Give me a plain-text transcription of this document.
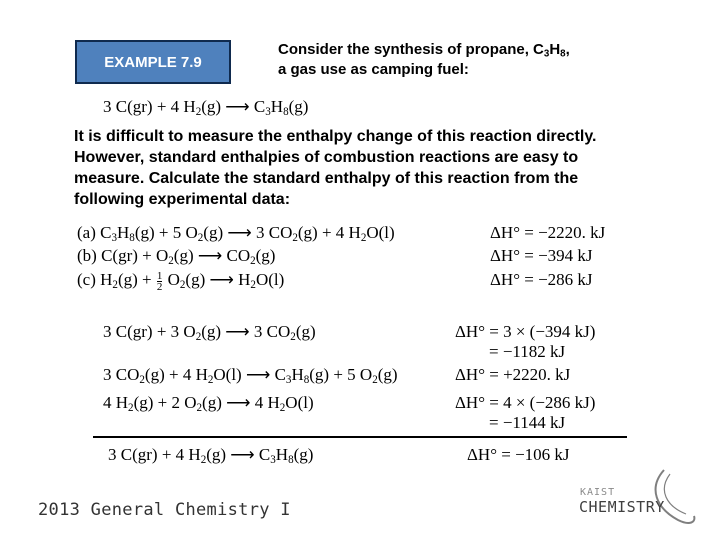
EXAMPLE 7.9
Consider the synthesis of propane, $C_3H_8$,
a gas use as camping fuel:
3 C(gr) + 4 $H_2(g)$ ⟶ $C_3H_8(g)$
It is difficult to measure the enthalpy change of this reaction directly.
However, standard enthalpies of combustion reactions are easy to
measure. Calculate the standard enthalpy of this reaction from the
following experimental data:
(a) $C_3H_8(g) + 5$ $O_2(g)$ ⟶ 3 $CO_2(g) + 4$ $H_2O(l)$	ΔH° = −2220. kJ
(b) $C(gr) + O_2(g)$ ⟶ $CO_2(g)$	ΔH° = −394 kJ
(c) $H_2(g) + \frac{1}{2} O_2(g)$ ⟶ $H_2O(l)$	ΔH° = −286 kJ
3 C(gr) + 3 $O_2(g)$ ⟶ 3 $CO_2(g)$	ΔH° = 3 × (−394 kJ)
= −1182 kJ
3 $CO_2(g) + 4$ $H_2O(l)$ ⟶ $C_3H_8(g) + 5$ $O_2(g)$	ΔH° = +2220. kJ
4 $H_2(g) + 2$ $O_2(g)$ ⟶ 4 $H_2O(l)$	ΔH° = 4 × (−286 kJ)
= −1144 kJ
3 C(gr) + 4 $H_2(g)$ ⟶ $C_3H_8(g)$	ΔH° = −106 kJ
2013 General Chemistry I
KAIST
CHEMISTRY
